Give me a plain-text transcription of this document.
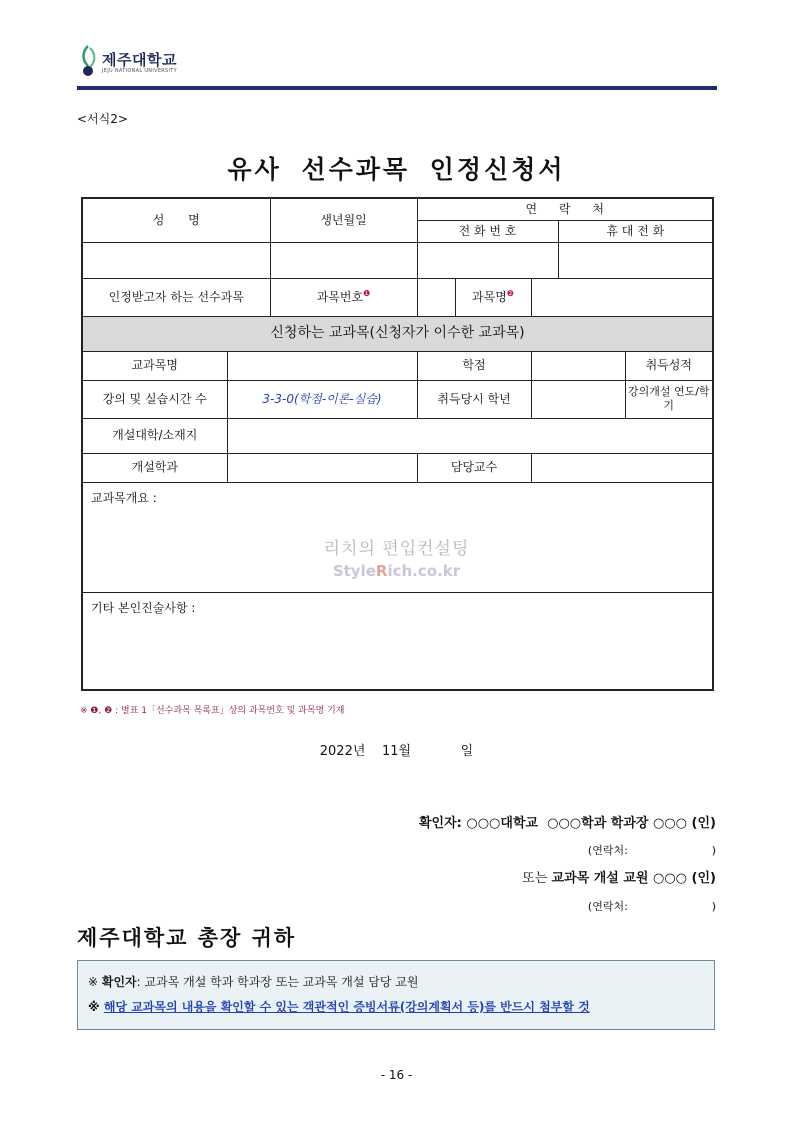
제주대학교
JEJU NATIONAL UNIVERSITY
<서식2>
유사 선수과목 인정신청서
성 명		생년월일	연 락 처				
			전 화 번 호			휴 대 전 화	

인정받고자 하는 선수과목		과목번호$^❶$		과목명$^❷$	
신청하는 교과목(신청자가 이수한 교과목)							
교과목명			학점				취득성적
강의 및 실습시간 수	3-3-0(학점-이론-실습)		취득당시 학년				강의개설 연도/학기
개설대학/소재지							
개설학과			담당교수				
교과목개요 :							
기타 본인진술사항 :							
리치의 편입컨설팅
StyleRich.co.kr
※ ❶, ❷ : 별표 1「선수과목 목록표」상의 과목번호 및 과목명 기재
2022년 11월	일
확인자: ○○○대학교  ○○○학과 학과장 ○○○ (인)
(연락처:                        )
또는 교과목 개설 교원 ○○○ (인)
(연락처:                        )
제주대학교 총장 귀하
※ 확인자: 교과목 개설 학과 학과장 또는 교과목 개설 담당 교원
※ 해당 교과목의 내용을 확인할 수 있는 객관적인 증빙서류(강의계획서 등)를 반드시 첨부할 것
- 16 -
